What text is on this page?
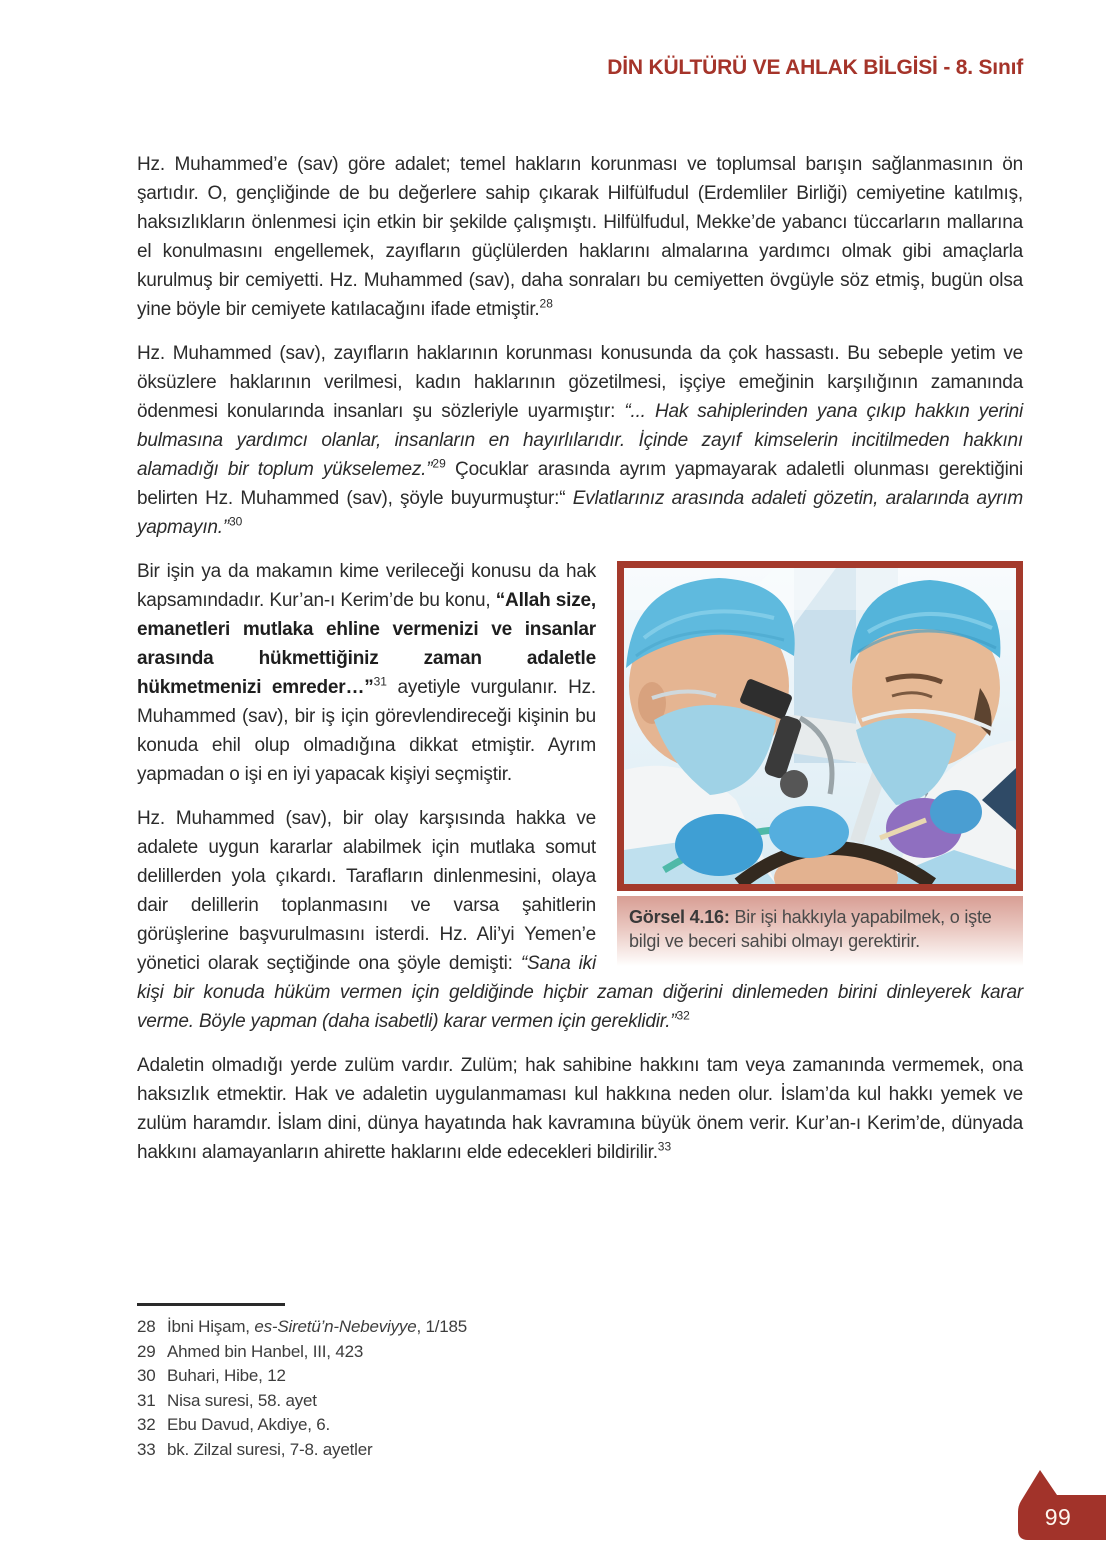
DİN KÜLTÜRÜ VE AHLAK BİLGİSİ - 8. Sınıf

Hz. Muhammed’e (sav) göre adalet; temel hakların korunması ve toplumsal barışın sağlanmasının ön şartıdır. O, gençliğinde de bu değerlere sahip çıkarak Hilfülfudul (Erdemliler Birliği) cemiyetine katılmış, haksızlıkların önlenmesi için etkin bir şekilde çalışmıştı. Hilfülfudul, Mekke’de yabancı tüccarların mallarına el konulmasını engellemek, zayıfların güçlülerden haklarını almalarına yardımcı olmak gibi amaçlarla kurulmuş bir cemiyetti. Hz. Muhammed (sav), daha sonraları bu cemiyetten övgüyle söz etmiş, bugün olsa yine böyle bir cemiyete katılacağını ifade etmiştir.$^{28}$

Hz. Muhammed (sav), zayıfların haklarının korunması konusunda da çok hassastı. Bu sebeple yetim ve öksüzlere haklarının verilmesi, kadın haklarının gözetilmesi, işçiye emeğinin karşılığının zamanında ödenmesi konularında insanları şu sözleriyle uyarmıştır: “... Hak sahiplerinden yana çıkıp hakkın yerini bulmasına yardımcı olanlar, insanların en hayırlılarıdır. İçinde zayıf kimselerin incitilmeden hakkını alamadığı bir toplum yükselemez.”$^{29}$ Çocuklar arasında ayrım yapmayarak adaletli olunması gerektiğini belirten Hz. Muhammed (sav), şöyle buyurmuştur:“ Evlatlarınız arasında adaleti gözetin, aralarında ayrım yapmayın.”$^{30}$

Görsel 4.16: Bir işi hakkıyla yapabilmek, o işte bilgi ve beceri sahibi olmayı gerektirir.

Bir işin ya da makamın kime verileceği konusu da hak kapsamındadır. Kur’an-ı Kerim’de bu konu, “Allah size, emanetleri mutlaka ehline vermenizi ve insanlar arasında hükmettiğiniz zaman adaletle hükmetmenizi emreder…”$^{31}$ ayetiyle vurgulanır. Hz. Muhammed (sav), bir iş için görevlendireceği kişinin bu konuda ehil olup olmadığına dikkat etmiştir. Ayrım yapmadan o işi en iyi yapacak kişiyi seçmiştir.

Hz. Muhammed (sav), bir olay karşısında hakka ve adalete uygun kararlar alabilmek için mutlaka somut delillerden yola çıkardı. Tarafların dinlenmesini, olaya dair delillerin toplanmasını ve varsa şahitlerin görüşlerine başvurulmasını isterdi. Hz. Ali’yi Yemen’e yönetici olarak seçtiğinde ona şöyle demişti: “Sana iki kişi bir konuda hüküm vermen için geldiğinde hiçbir zaman diğerini dinlemeden birini dinleyerek karar verme. Böyle yapman (daha isabetli) karar vermen için gereklidir.”$^{32}$

Adaletin olmadığı yerde zulüm vardır. Zulüm; hak sahibine hakkını tam veya zamanında vermemek, ona haksızlık etmektir. Hak ve adaletin uygulanmaması kul hakkına neden olur. İslam’da kul hakkı yemek ve zulüm haramdır. İslam dini, dünya hayatında hak kavramına büyük önem verir. Kur’an-ı Kerim’de, dünyada hakkını alamayanların ahirette haklarını elde edecekleri bildirilir.$^{33}$

28 İbni Hişam, es-Siretü’n-Nebeviyye, 1/185
29 Ahmed bin Hanbel, III, 423
30 Buhari, Hibe, 12
31 Nisa suresi, 58. ayet
32 Ebu Davud, Akdiye, 6.
33 bk. Zilzal suresi, 7-8. ayetler
99
